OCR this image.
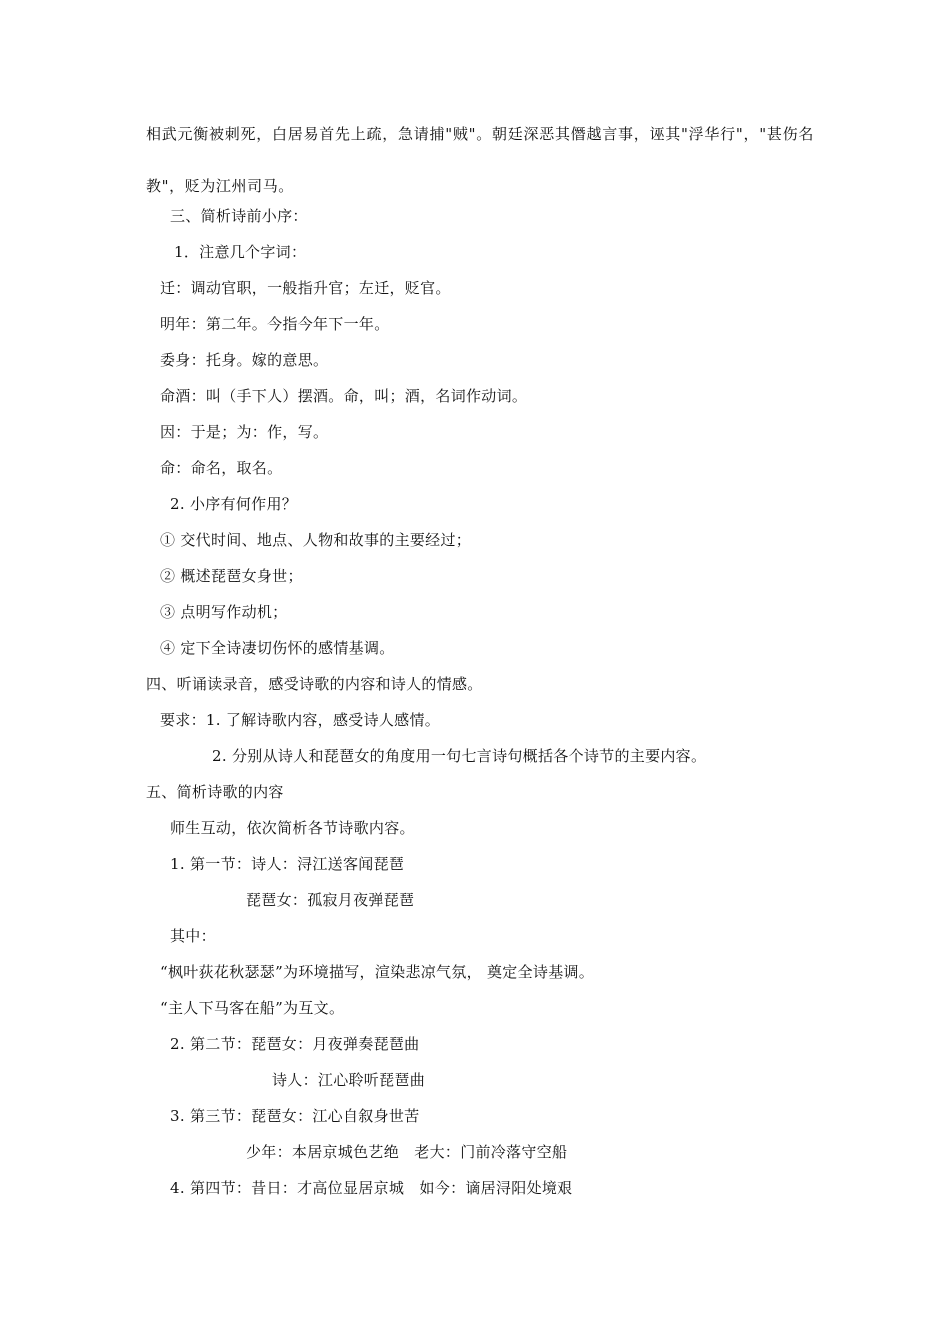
相武元衡被刺死，白居易首先上疏，急请捕"贼"。朝廷深恶其僭越言事，诬其"浮华行"，"甚伤名教"，贬为江州司马。
三、简析诗前小序：
1．注意几个字词：
迁：调动官职，一般指升官；左迁，贬官。
明年：第二年。今指今年下一年。
委身：托身。嫁的意思。
命酒：叫（手下人）摆酒。命，叫；酒，名词作动词。
因：于是；为：作，写。
命：命名，取名。
2. 小序有何作用？
① 交代时间、地点、人物和故事的主要经过；
② 概述琵琶女身世；
③ 点明写作动机；
④ 定下全诗凄切伤怀的感情基调。
四、听诵读录音，感受诗歌的内容和诗人的情感。
要求：1. 了解诗歌内容，感受诗人感情。
2. 分别从诗人和琵琶女的角度用一句七言诗句概括各个诗节的主要内容。
五、简析诗歌的内容
师生互动，依次简析各节诗歌内容。
1. 第一节：诗人：浔江送客闻琵琶
琵琶女：孤寂月夜弹琵琶
其中：
“枫叶荻花秋瑟瑟”为环境描写，渲染悲凉气氛， 奠定全诗基调。
“主人下马客在船”为互文。
2. 第二节：琵琶女：月夜弹奏琵琶曲
诗人：江心聆听琵琶曲
3. 第三节：琵琶女：江心自叙身世苦
少年：本居京城色艺绝　老大：门前冷落守空船
4. 第四节：昔日：才高位显居京城　如今：谪居浔阳处境艰
